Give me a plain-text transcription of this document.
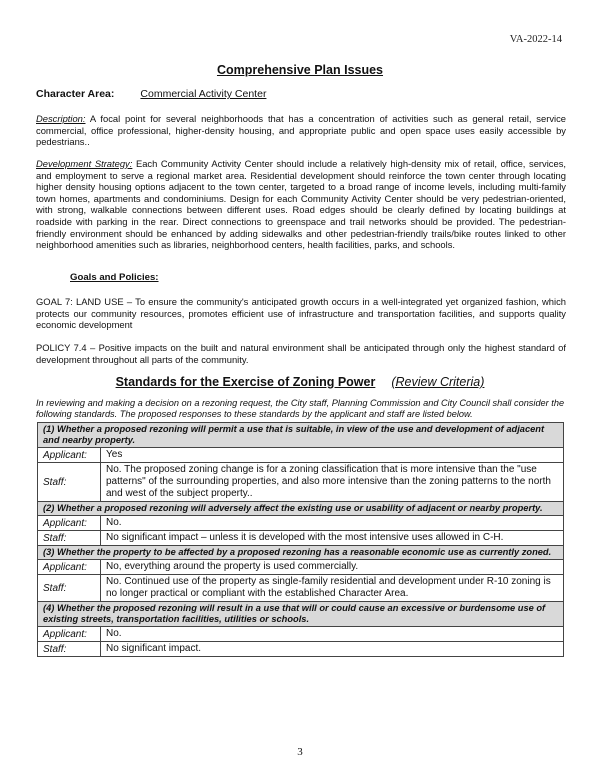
VA-2022-14
Comprehensive Plan Issues
Character Area: Commercial Activity Center
Description: A focal point for several neighborhoods that has a concentration of activities such as general retail, service commercial, office professional, higher-density housing, and appropriate public and open space uses easily accessible by pedestrians..
Development Strategy: Each Community Activity Center should include a relatively high-density mix of retail, office, services, and employment to serve a regional market area. Residential development should reinforce the town center through locating higher density housing options adjacent to the town center, targeted to a broad range of income levels, including multi-family town homes, apartments and condominiums. Design for each Community Activity Center should be very pedestrian-oriented, with strong, walkable connections between different uses. Road edges should be clearly defined by locating buildings at roadside with parking in the rear. Direct connections to greenspace and trail networks should be provided. The pedestrian-friendly environment should be enhanced by adding sidewalks and other pedestrian-friendly trails/bike routes linked to other neighborhood amenities such as libraries, neighborhood centers, health facilities, parks, and schools.
Goals and Policies:
GOAL 7: LAND USE – To ensure the community's anticipated growth occurs in a well-integrated yet organized fashion, which protects our community resources, promotes efficient use of infrastructure and transportation facilities, and supports quality economic development
POLICY 7.4 – Positive impacts on the built and natural environment shall be anticipated through only the highest standard of development throughout all parts of the community.
Standards for the Exercise of Zoning Power (Review Criteria)
In reviewing and making a decision on a rezoning request, the City staff, Planning Commission and City Council shall consider the following standards. The proposed responses to these standards by the applicant and staff are listed below.
(1) Whether a proposed rezoning will permit a use that is suitable, in view of the use and development of adjacent and nearby property.	
Applicant:	Yes
Staff:	No. The proposed zoning change is for a zoning classification that is more intensive than the "use patterns" of the surrounding properties, and also more intensive than the zoning patterns to the north and west of the subject property..
(2) Whether a proposed rezoning will adversely affect the existing use or usability of adjacent or nearby property.	
Applicant:	No.
Staff:	No significant impact – unless it is developed with the most intensive uses allowed in C-H.
(3) Whether the property to be affected by a proposed rezoning has a reasonable economic use as currently zoned.	
Applicant:	No, everything around the property is used commercially.
Staff:	No. Continued use of the property as single-family residential and development under R-10 zoning is no longer practical or compliant with the established Character Area.
(4) Whether the proposed rezoning will result in a use that will or could cause an excessive or burdensome use of existing streets, transportation facilities, utilities or schools.	
Applicant:	No.
Staff:	No significant impact.
3
